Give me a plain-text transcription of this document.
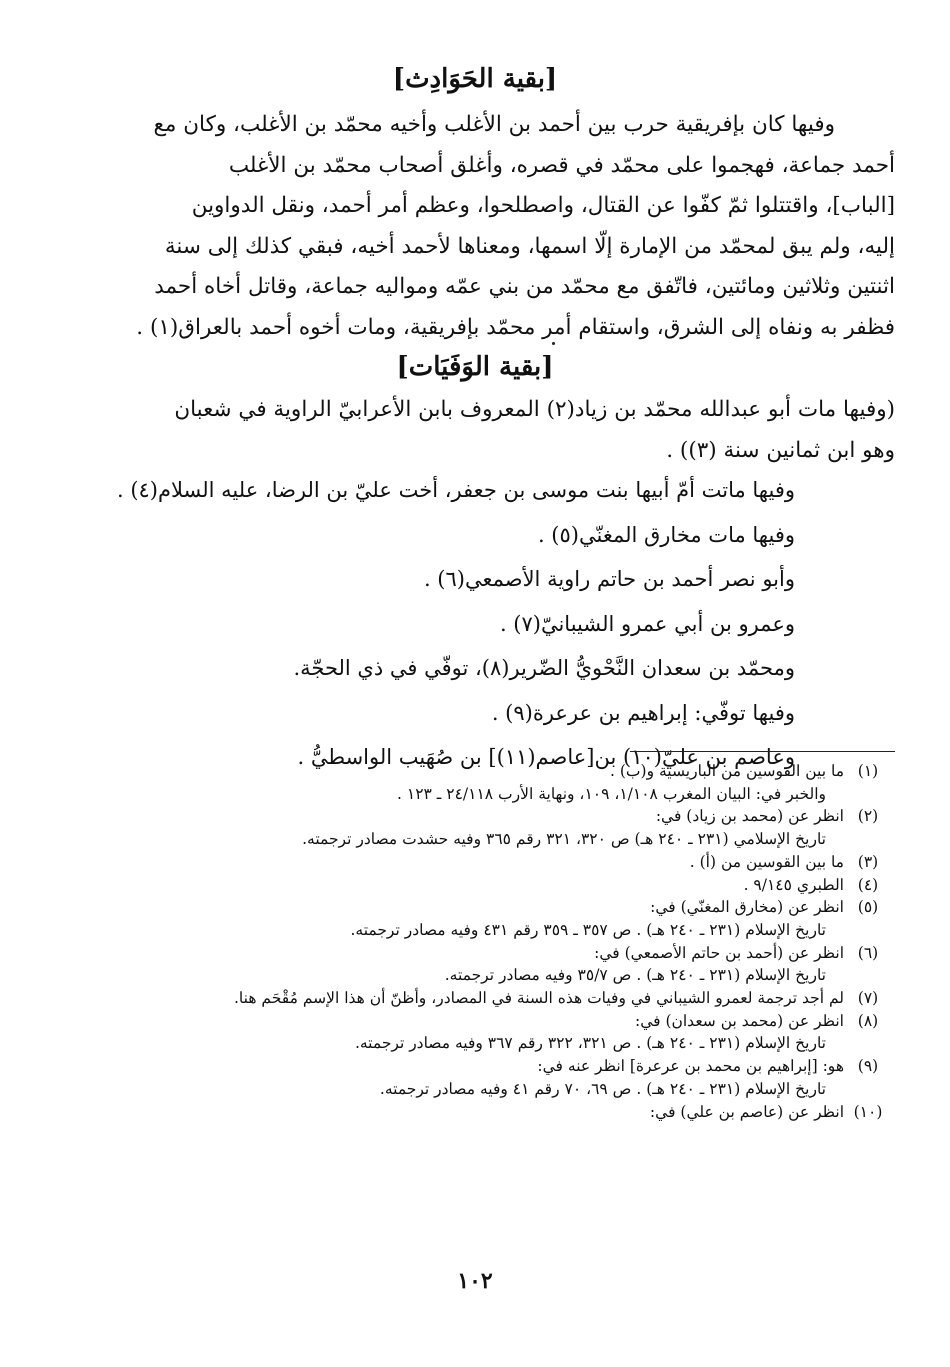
[بقية الحَوَادِث]

وفيها كان بإفريقية حرب بين أحمد بن الأغلب وأخيه محمّد بن الأغلب، وكان مع

أحمد جماعة، فهجموا على محمّد في قصره، وأغلق أصحاب محمّد بن الأغلب

[الباب]، واقتتلوا ثمّ كفّوا عن القتال، واصطلحوا، وعظم أمر أحمد، ونقل الدواوين

إليه، ولم يبق لمحمّد من الإمارة إلّا اسمها، ومعناها لأحمد أخيه، فبقي كذلك إلى سنة

اثنتين وثلاثين ومائتين، فاتّفق مع محمّد من بني عمّه ومواليه جماعة، وقاتل أخاه أحمد

فظفر به ونفاه إلى الشرق، واستقام أمر محمّد بإفريقية، ومات أخوه أحمد بالعراق(١) .

[بقية الوَفَيَات]

(وفيها مات أبو عبدالله محمّد بن زياد(٢) المعروف بابن الأعرابيّ الراوية في شعبان

وهو ابن ثمانين سنة (٣)) .

وفيها ماتت أمّ أبيها بنت موسى بن جعفر، أخت عليّ بن الرضا، عليه السلام(٤) .
وفيها مات مخارق المغنّي(٥) .
وأبو نصر أحمد بن حاتم راوية الأصمعي(٦) .
وعمرو بن أبي عمرو الشيبانيّ(٧) .
ومحمّد بن سعدان النَّحْويُّ الضّرير(٨)، توفّي في ذي الحجّة.
وفيها توفّي: إبراهيم بن عرعرة(٩) .
وعاصم بن عليّ(١٠) بن[عاصم(١١)] بن صُهَيب الواسطيُّ .
(١)
ما بين القوسين من الباريسية و(ب) .
والخبر في: البيان المغرب ١/١٠٨، ١٠٩، ونهاية الأرب ٢٤/١١٨ ـ ١٢٣ .
(٢)
انظر عن (محمد بن زياد) في:
تاريخ الإسلامي (٢٣١ ـ ٢٤٠ هـ) ص ٣٢٠، ٣٢١ رقم ٣٦٥ وفيه حشدت مصادر ترجمته.
(٣)
ما بين القوسين من (أ) .
(٤)
الطبري ٩/١٤٥ .
(٥)
انظر عن (مخارق المغنّي) في:
تاريخ الإسلام (٢٣١ ـ ٢٤٠ هـ) . ص ٣٥٧ ـ ٣٥٩ رقم ٤٣١ وفيه مصادر ترجمته.
(٦)
انظر عن (أحمد بن حاتم الأصمعي) في:
تاريخ الإسلام (٢٣١ ـ ٢٤٠ هـ) . ص ٣٥/٧ وفيه مصادر ترجمته.
(٧)
لم أجد ترجمة لعمرو الشيباني في وفيات هذه السنة في المصادر، وأظنّ أن هذا الإسم مُقْحَم هنا.
(٨)
انظر عن (محمد بن سعدان) في:
تاريخ الإسلام (٢٣١ ـ ٢٤٠ هـ) . ص ٣٢١، ٣٢٢ رقم ٣٦٧ وفيه مصادر ترجمته.
(٩)
هو: [إبراهيم بن محمد بن عرعرة] انظر عنه في:
تاريخ الإسلام (٢٣١ ـ ٢٤٠ هـ) . ص ٦٩، ٧٠ رقم ٤١ وفيه مصادر ترجمته.
(١٠)
انظر عن (عاصم بن علي) في:
١٠٢
